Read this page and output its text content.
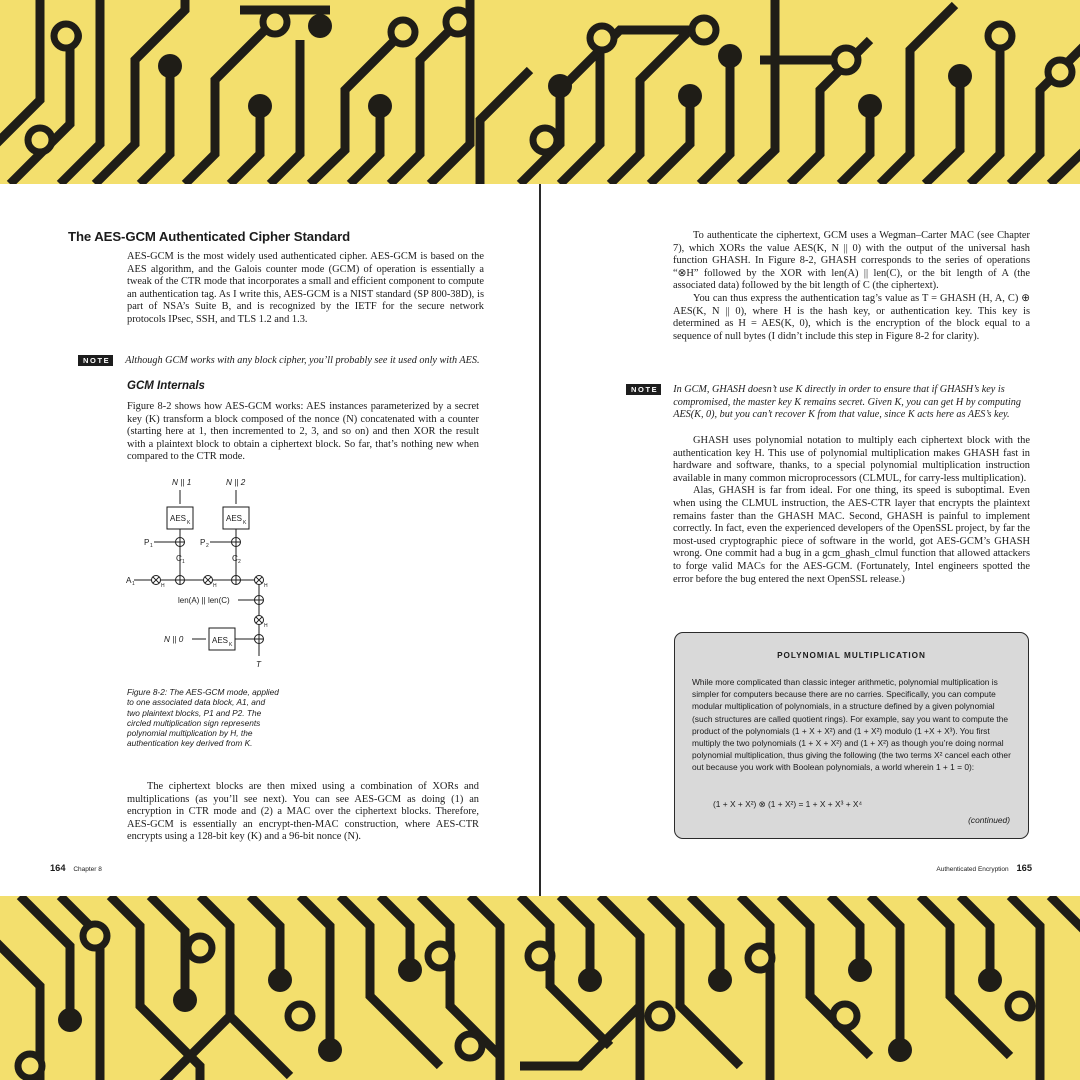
The AES-GCM Authenticated Cipher Standard

AES-GCM is the most widely used authenticated cipher. AES-GCM is based on the AES algorithm, and the Galois counter mode (GCM) of operation is essentially a tweak of the CTR mode that incorporates a small and efficient component to compute an authentication tag. As I write this, AES-GCM is a NIST standard (SP 800-38D), is part of NSA’s Suite B, and is recognized by the IETF for the secure network protocols IPsec, SSH, and TLS 1.2 and 1.3.

NOTE Although GCM works with any block cipher, you’ll probably see it used only with AES.
GCM Internals

Figure 8-2 shows how AES-GCM works: AES instances parameterized by a secret key (K) transform a block composed of the nonce (N) concatenated with a counter (starting here at 1, then incremented to 2, 3, and so on) and then XOR the result with a plaintext block to obtain a ciphertext block. So far, that’s nothing new when compared to the CTR mode.

N || 1	N || 2
AES	AES
AES
K	K
K
P 1	P 2
C 1	C 2
A 1	H	H	H
H
len(A) || len(C)
N || 0
T
Figure 8-2: The AES-GCM mode, applied to one associated data block, A1, and two plaintext blocks, P1 and P2. The circled multiplication sign represents polynomial multiplication by H, the authentication key derived from K.

The ciphertext blocks are then mixed using a combination of XORs and multiplications (as you’ll see next). You can see AES-GCM as doing (1) an encryption in CTR mode and (2) a MAC over the ciphertext blocks. Therefore, AES-GCM is essentially an encrypt-then-MAC construction, where AES-CTR encrypts using a 128-bit key (K) and a 96-bit nonce (N).

164 Chapter 8

To authenticate the ciphertext, GCM uses a Wegman–Carter MAC (see Chapter 7), which XORs the value AES(K, N || 0) with the output of the universal hash function GHASH. In Figure 8-2, GHASH corresponds to the series of operations “⊗H” followed by the XOR with len(A) || len(C), or the bit length of A (the associated data) followed by the bit length of C (the ciphertext).

You can thus express the authentication tag’s value as T = GHASH (H, A, C) ⊕ AES(K, N || 0), where H is the hash key, or authentication key. This key is determined as H = AES(K, 0), which is the encryption of the block equal to a sequence of null bytes (I didn’t include this step in Figure 8-2 for clarity).

NOTE In GCM, GHASH doesn’t use K directly in order to ensure that if GHASH’s key is compromised, the master key K remains secret. Given K, you can get H by computing AES(K, 0), but you can’t recover K from that value, since K acts here as AES’s key.

GHASH uses polynomial notation to multiply each ciphertext block with the authentication key H. This use of polynomial multiplication makes GHASH fast in hardware and software, thanks, to a special polynomial multiplication instruction available in many common microprocessors (CLMUL, for carry-less multiplication).

Alas, GHASH is far from ideal. For one thing, its speed is suboptimal. Even when using the CLMUL instruction, the AES-CTR layer that encrypts the plaintext remains faster than the GHASH MAC. Second, GHASH is painful to implement correctly. In fact, even the experienced developers of the OpenSSL project, by far the most-used cryptographic piece of software in the world, got AES-GCM’s GHASH wrong. One commit had a bug in a gcm_ghash_clmul function that allowed attackers to forge valid MACs for the AES-GCM. (Fortunately, Intel engineers spotted the error before the bug entered the next OpenSSL release.)

POLYNOMIAL MULTIPLICATION
While more complicated than classic integer arithmetic, polynomial multiplication is simpler for computers because there are no carries. Specifically, you can compute modular multiplication of polynomials, in a structure defined by a given polynomial (such structures are called quotient rings). For example, say you want to compute the product of the polynomials (1 + X + X²) and (1 + X²) modulo (1 +X + X³). You first multiply the two polynomials (1 + X + X²) and (1 + X²) as though you’re doing normal polynomial multiplication, thus giving the following (the two terms X² cancel each other out because you work with Boolean polynomials, a world wherein 1 + 1 = 0):
(1 + X + X²) ⊗ (1 + X²) = 1 + X + X³ + X⁴
(continued)
Authenticated Encryption 165
